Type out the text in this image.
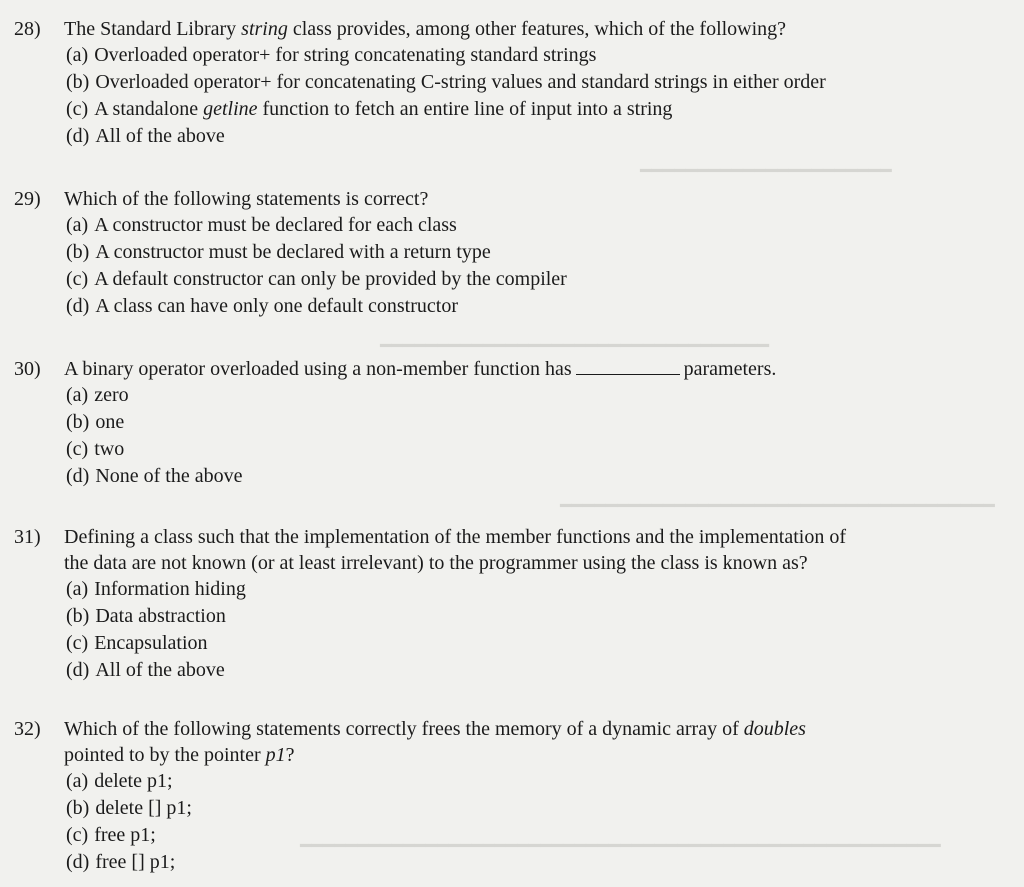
━━━━━━━━━━━━━━━━━━━━━━
━━━━━━━━━━━━━━━━━━━━━━━━━━━━━━━━━━
━━━━━━━━━━━━━━━━━━━━━━━━━━━━━━━━━━━━━━
━━━━━━━━━━━━━━━━━━━━━━━━━━━━━━━━━━━━━━━━━━━━━━━━━━━━━━━━
28) The Standard Library string class provides, among other features, which of the following?
(a) Overloaded operator+ for string concatenating standard strings
(b) Overloaded operator+ for concatenating C-string values and standard strings in either order
(c) A standalone getline function to fetch an entire line of input into a string
(d) All of the above
29) Which of the following statements is correct?
(a) A constructor must be declared for each class
(b) A constructor must be declared with a return type
(c) A default constructor can only be provided by the compiler
(d) A class can have only one default constructor
30) A binary operator overloaded using a non-member function has	parameters.
(a) zero
(b) one
(c) two
(d) None of the above
31) Defining a class such that the implementation of the member functions and the implementation of
the data are not known (or at least irrelevant) to the programmer using the class is known as?
(a) Information hiding
(b) Data abstraction
(c) Encapsulation
(d) All of the above
32) Which of the following statements correctly frees the memory of a dynamic array of doubles
pointed to by the pointer p1?
(a) delete p1;
(b) delete [] p1;
(c) free p1;
(d) free [] p1;
